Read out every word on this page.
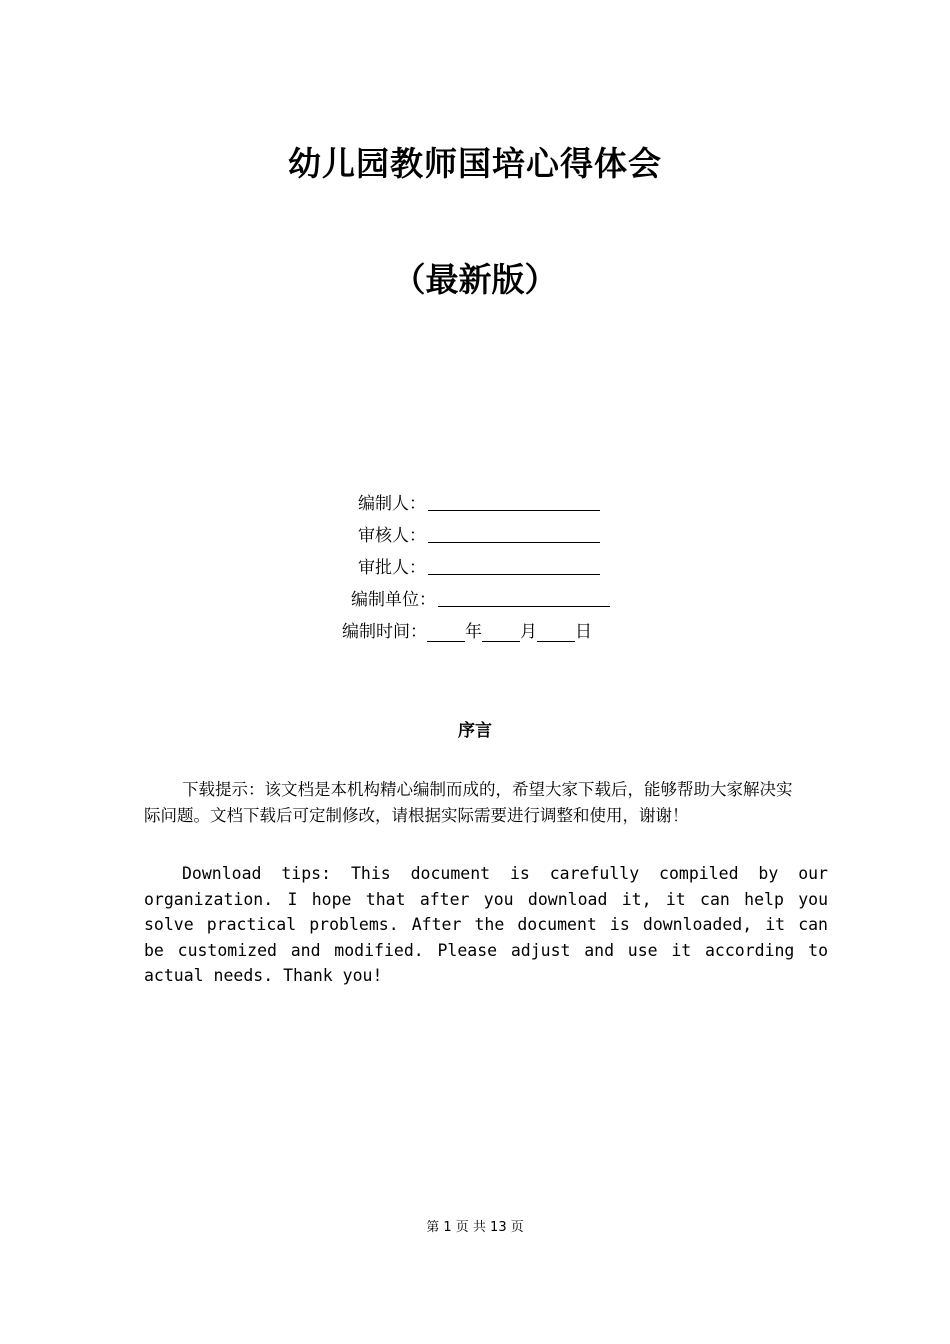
幼儿园教师国培心得体会
（最新版）
编制人：
审核人：
审批人：
编制单位：
编制时间： 年 月 日
序言

下载提示：该文档是本机构精心编制而成的，希望大家下载后，能够帮助大家解决实际问题。文档下载后可定制修改，请根据实际需要进行调整和使用，谢谢！

Download tips: This document is carefully compiled by our organization. I hope that after you download it, it can help you solve practical problems. After the document is downloaded, it can be customized and modified. Please adjust and use it according to actual needs. Thank you!

第 1 页 共 13 页
